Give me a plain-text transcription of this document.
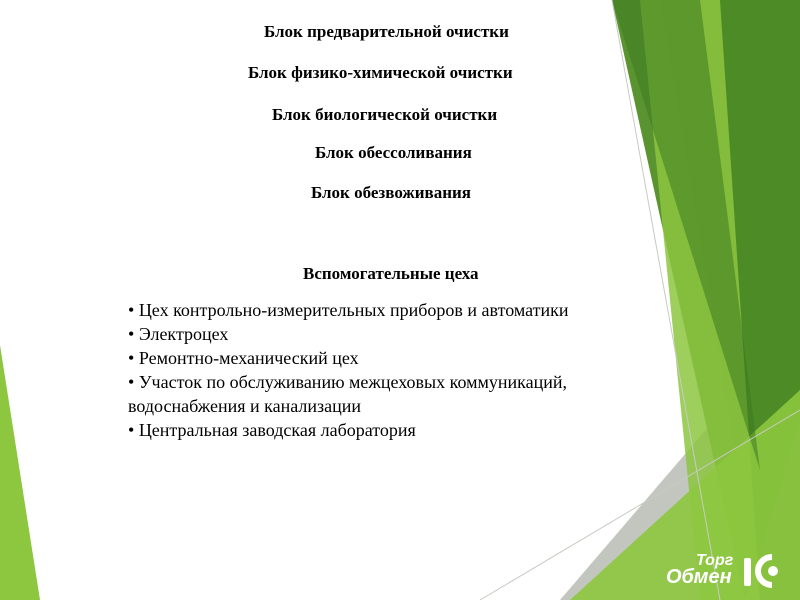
Блок предварительной очистки
Блок физико-химической очистки
Блок биологической очистки
Блок обессоливания
Блок обезвоживания
Вспомогательные цеха
• Цех контрольно-измерительных приборов и автоматики
• Электроцех
• Ремонтно-механический цех
• Участок по обслуживанию межцеховых коммуникаций, водоснабжения и канализации
• Центральная заводская лаборатория
Торг
Обмен
